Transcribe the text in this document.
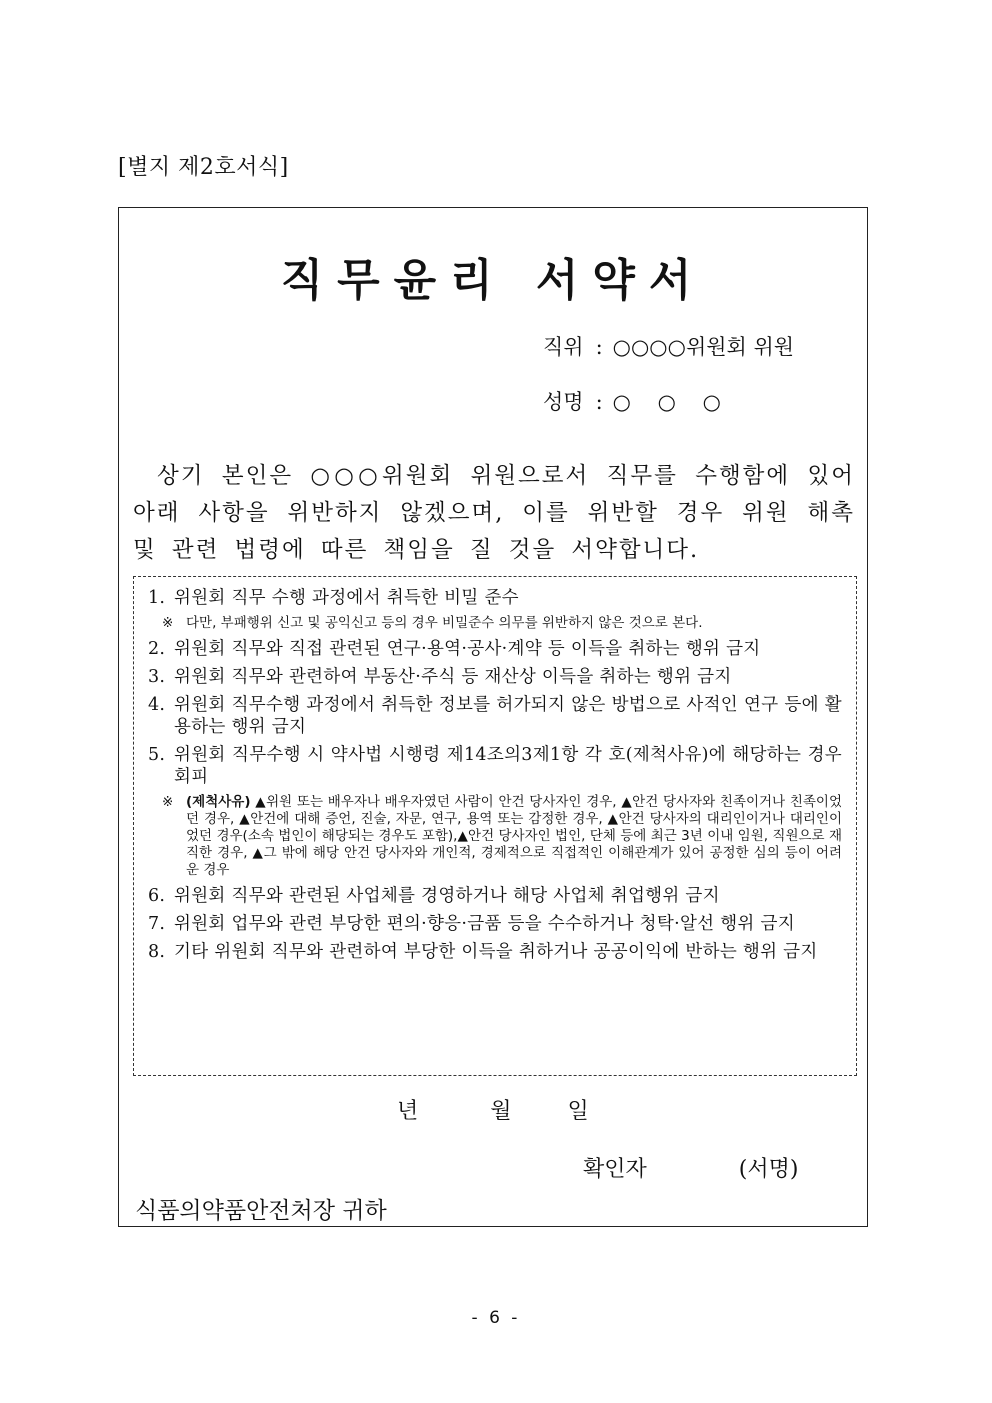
[별지 제2호서식]
직무윤리 서약서
직위 : ○○○○위원회 위원
성명 : ○ ○ ○

상기 본인은 ○○○위원회 위원으로서 직무를 수행함에 있어 아래 사항을 위반하지 않겠으며, 이를 위반할 경우 위원 해촉 및 관련 법령에 따른 책임을 질 것을 서약합니다.

1. 위원회 직무 수행 과정에서 취득한 비밀 준수
※ 다만, 부패행위 신고 및 공익신고 등의 경우 비밀준수 의무를 위반하지 않은 것으로 본다.
2. 위원회 직무와 직접 관련된 연구·용역·공사·계약 등 이득을 취하는 행위 금지
3. 위원회 직무와 관련하여 부동산·주식 등 재산상 이득을 취하는 행위 금지
4. 위원회 직무수행 과정에서 취득한 정보를 허가되지 않은 방법으로 사적인 연구 등에 활용하는 행위 금지
5. 위원회 직무수행 시 약사법 시행령 제14조의3제1항 각 호(제척사유)에 해당하는 경우 회피
※ (제척사유) ▲위원 또는 배우자나 배우자였던 사람이 안건 당사자인 경우, ▲안건 당사자와 친족이거나 친족이었던 경우, ▲안건에 대해 증언, 진술, 자문, 연구, 용역 또는 감정한 경우, ▲안건 당사자의 대리인이거나 대리인이었던 경우(소속 법인이 해당되는 경우도 포함),▲안건 당사자인 법인, 단체 등에 최근 3년 이내 임원, 직원으로 재직한 경우, ▲그 밖에 해당 안건 당사자와 개인적, 경제적으로 직접적인 이해관계가 있어 공정한 심의 등이 어려운 경우
6. 위원회 직무와 관련된 사업체를 경영하거나 해당 사업체 취업행위 금지
7. 위원회 업무와 관련 부당한 편의·향응·금품 등을 수수하거나 청탁·알선 행위 금지
8. 기타 위원회 직무와 관련하여 부당한 이득을 취하거나 공공이익에 반하는 행위 금지
년	월	일
확인자	(서명)
식품의약품안전처장 귀하
- 6 -
